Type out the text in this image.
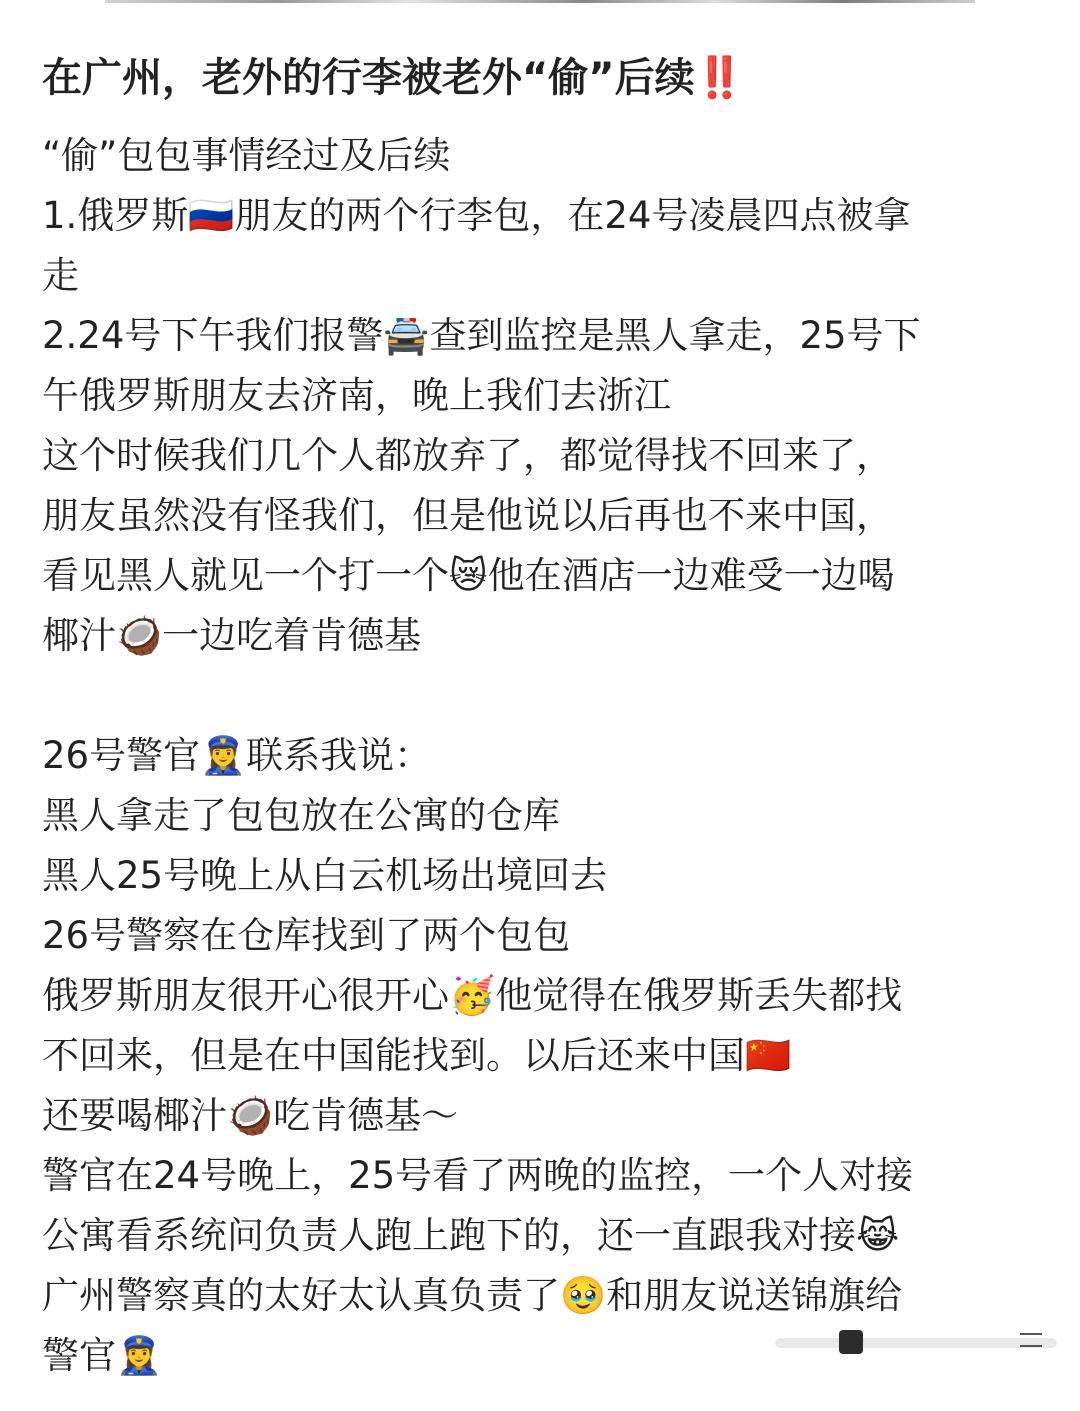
在广州，老外的行李被老外“偷”后续‼️
“偷”包包事情经过及后续
1.俄罗斯🇷🇺朋友的两个行李包，在24号凌晨四点被拿
走
2.24号下午我们报警🚔查到监控是黑人拿走，25号下
午俄罗斯朋友去济南，晚上我们去浙江
这个时候我们几个人都放弃了，都觉得找不回来了，
朋友虽然没有怪我们，但是他说以后再也不来中国，
看见黑人就见一个打一个😿他在酒店一边难受一边喝
椰汁🥥一边吃着肯德基
26号警官👮‍♀️联系我说：
黑人拿走了包包放在公寓的仓库
黑人25号晚上从白云机场出境回去
26号警察在仓库找到了两个包包
俄罗斯朋友很开心很开心🥳他觉得在俄罗斯丢失都找
不回来，但是在中国能找到。以后还来中国🇨🇳
还要喝椰汁🥥吃肯德基～
警官在24号晚上，25号看了两晚的监控，一个人对接
公寓看系统问负责人跑上跑下的，还一直跟我对接😹
广州警察真的太好太认真负责了🥹和朋友说送锦旗给
警官👮‍♀️
